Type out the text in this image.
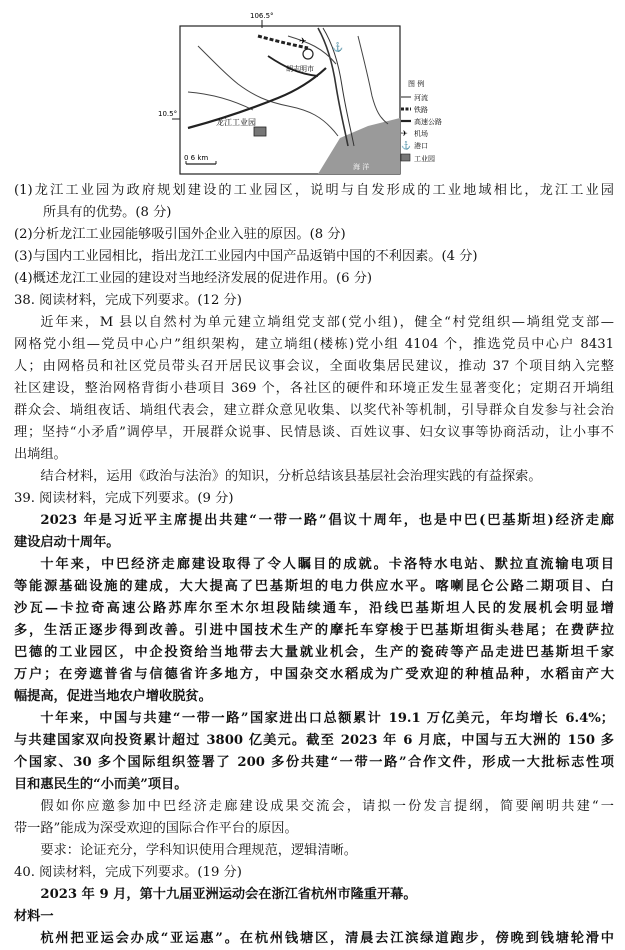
106.5°
10.5°
海 洋
胡志明市
✈
⚓
龙江工业园
0 6 km
图 例
河流
铁路
高速公路
✈ 机场
⚓ 港口
工业园

(1)龙江工业园为政府规划建设的工业园区，说明与自发形成的工业地域相比，龙江工业园

所具有的优势。(8 分)

(2)分析龙江工业园能够吸引国外企业入驻的原因。(8 分)

(3)与国内工业园相比，指出龙江工业园内中国产品返销中国的不利因素。(4 分)

(4)概述龙江工业园的建设对当地经济发展的促进作用。(6 分)

38. 阅读材料，完成下列要求。(12 分)

近年来，M 县以自然村为单元建立埫组党支部(党小组)，健全“村党组织—埫组党支部—

网格党小组—党员中心户”组织架构，建立埫组(楼栋)党小组 4104 个，推选党员中心户 8431

人；由网格员和社区党员带头召开居民议事会议，全面收集居民建议，推动 37 个项目纳入完整

社区建设，整治网格背街小巷项目 369 个，各社区的硬件和环境正发生显著变化；定期召开埫组

群众会、埫组夜话、埫组代表会，建立群众意见收集、以奖代补等机制，引导群众自发参与社会治

理；坚持“小矛盾”调停早，开展群众说事、民情恳谈、百姓议事、妇女议事等协商活动，让小事不

出埫组。

结合材料，运用《政治与法治》的知识，分析总结该县基层社会治理实践的有益探索。

39. 阅读材料，完成下列要求。(9 分)

2023 年是习近平主席提出共建“一带一路”倡议十周年，也是中巴(巴基斯坦)经济走廊

建设启动十周年。

十年来，中巴经济走廊建设取得了令人瞩目的成就。卡洛特水电站、默拉直流输电项目

等能源基础设施的建成，大大提高了巴基斯坦的电力供应水平。喀喇昆仑公路二期项目、白

沙瓦—卡拉奇高速公路苏库尔至木尔坦段陆续通车，沿线巴基斯坦人民的发展机会明显增

多，生活正逐步得到改善。引进中国技术生产的摩托车穿梭于巴基斯坦街头巷尾；在费萨拉

巴德的工业园区，中企投资给当地带去大量就业机会，生产的瓷砖等产品走进巴基斯坦千家

万户；在旁遮普省与信德省许多地方，中国杂交水稻成为广受欢迎的种植品种，水稻亩产大

幅提高，促进当地农户增收脱贫。

十年来，中国与共建“一带一路”国家进出口总额累计 19.1 万亿美元，年均增长 6.4%；

与共建国家双向投资累计超过 3800 亿美元。截至 2023 年 6 月底，中国与五大洲的 150 多

个国家、30 多个国际组织签署了 200 多份共建“一带一路”合作文件，形成一大批标志性项

目和惠民生的“小而美”项目。

假如你应邀参加中巴经济走廊建设成果交流会，请拟一份发言提纲，简要阐明共建“一

带一路”能成为深受欢迎的国际合作平台的原因。

要求：论证充分，学科知识使用合理规范，逻辑清晰。

40. 阅读材料，完成下列要求。(19 分)

2023 年 9 月，第十九届亚洲运动会在浙江省杭州市隆重开幕。

材料一

杭州把亚运会办成“亚运惠”。在杭州钱塘区，清晨去江滨绿道跑步，傍晚到钱塘轮滑中
